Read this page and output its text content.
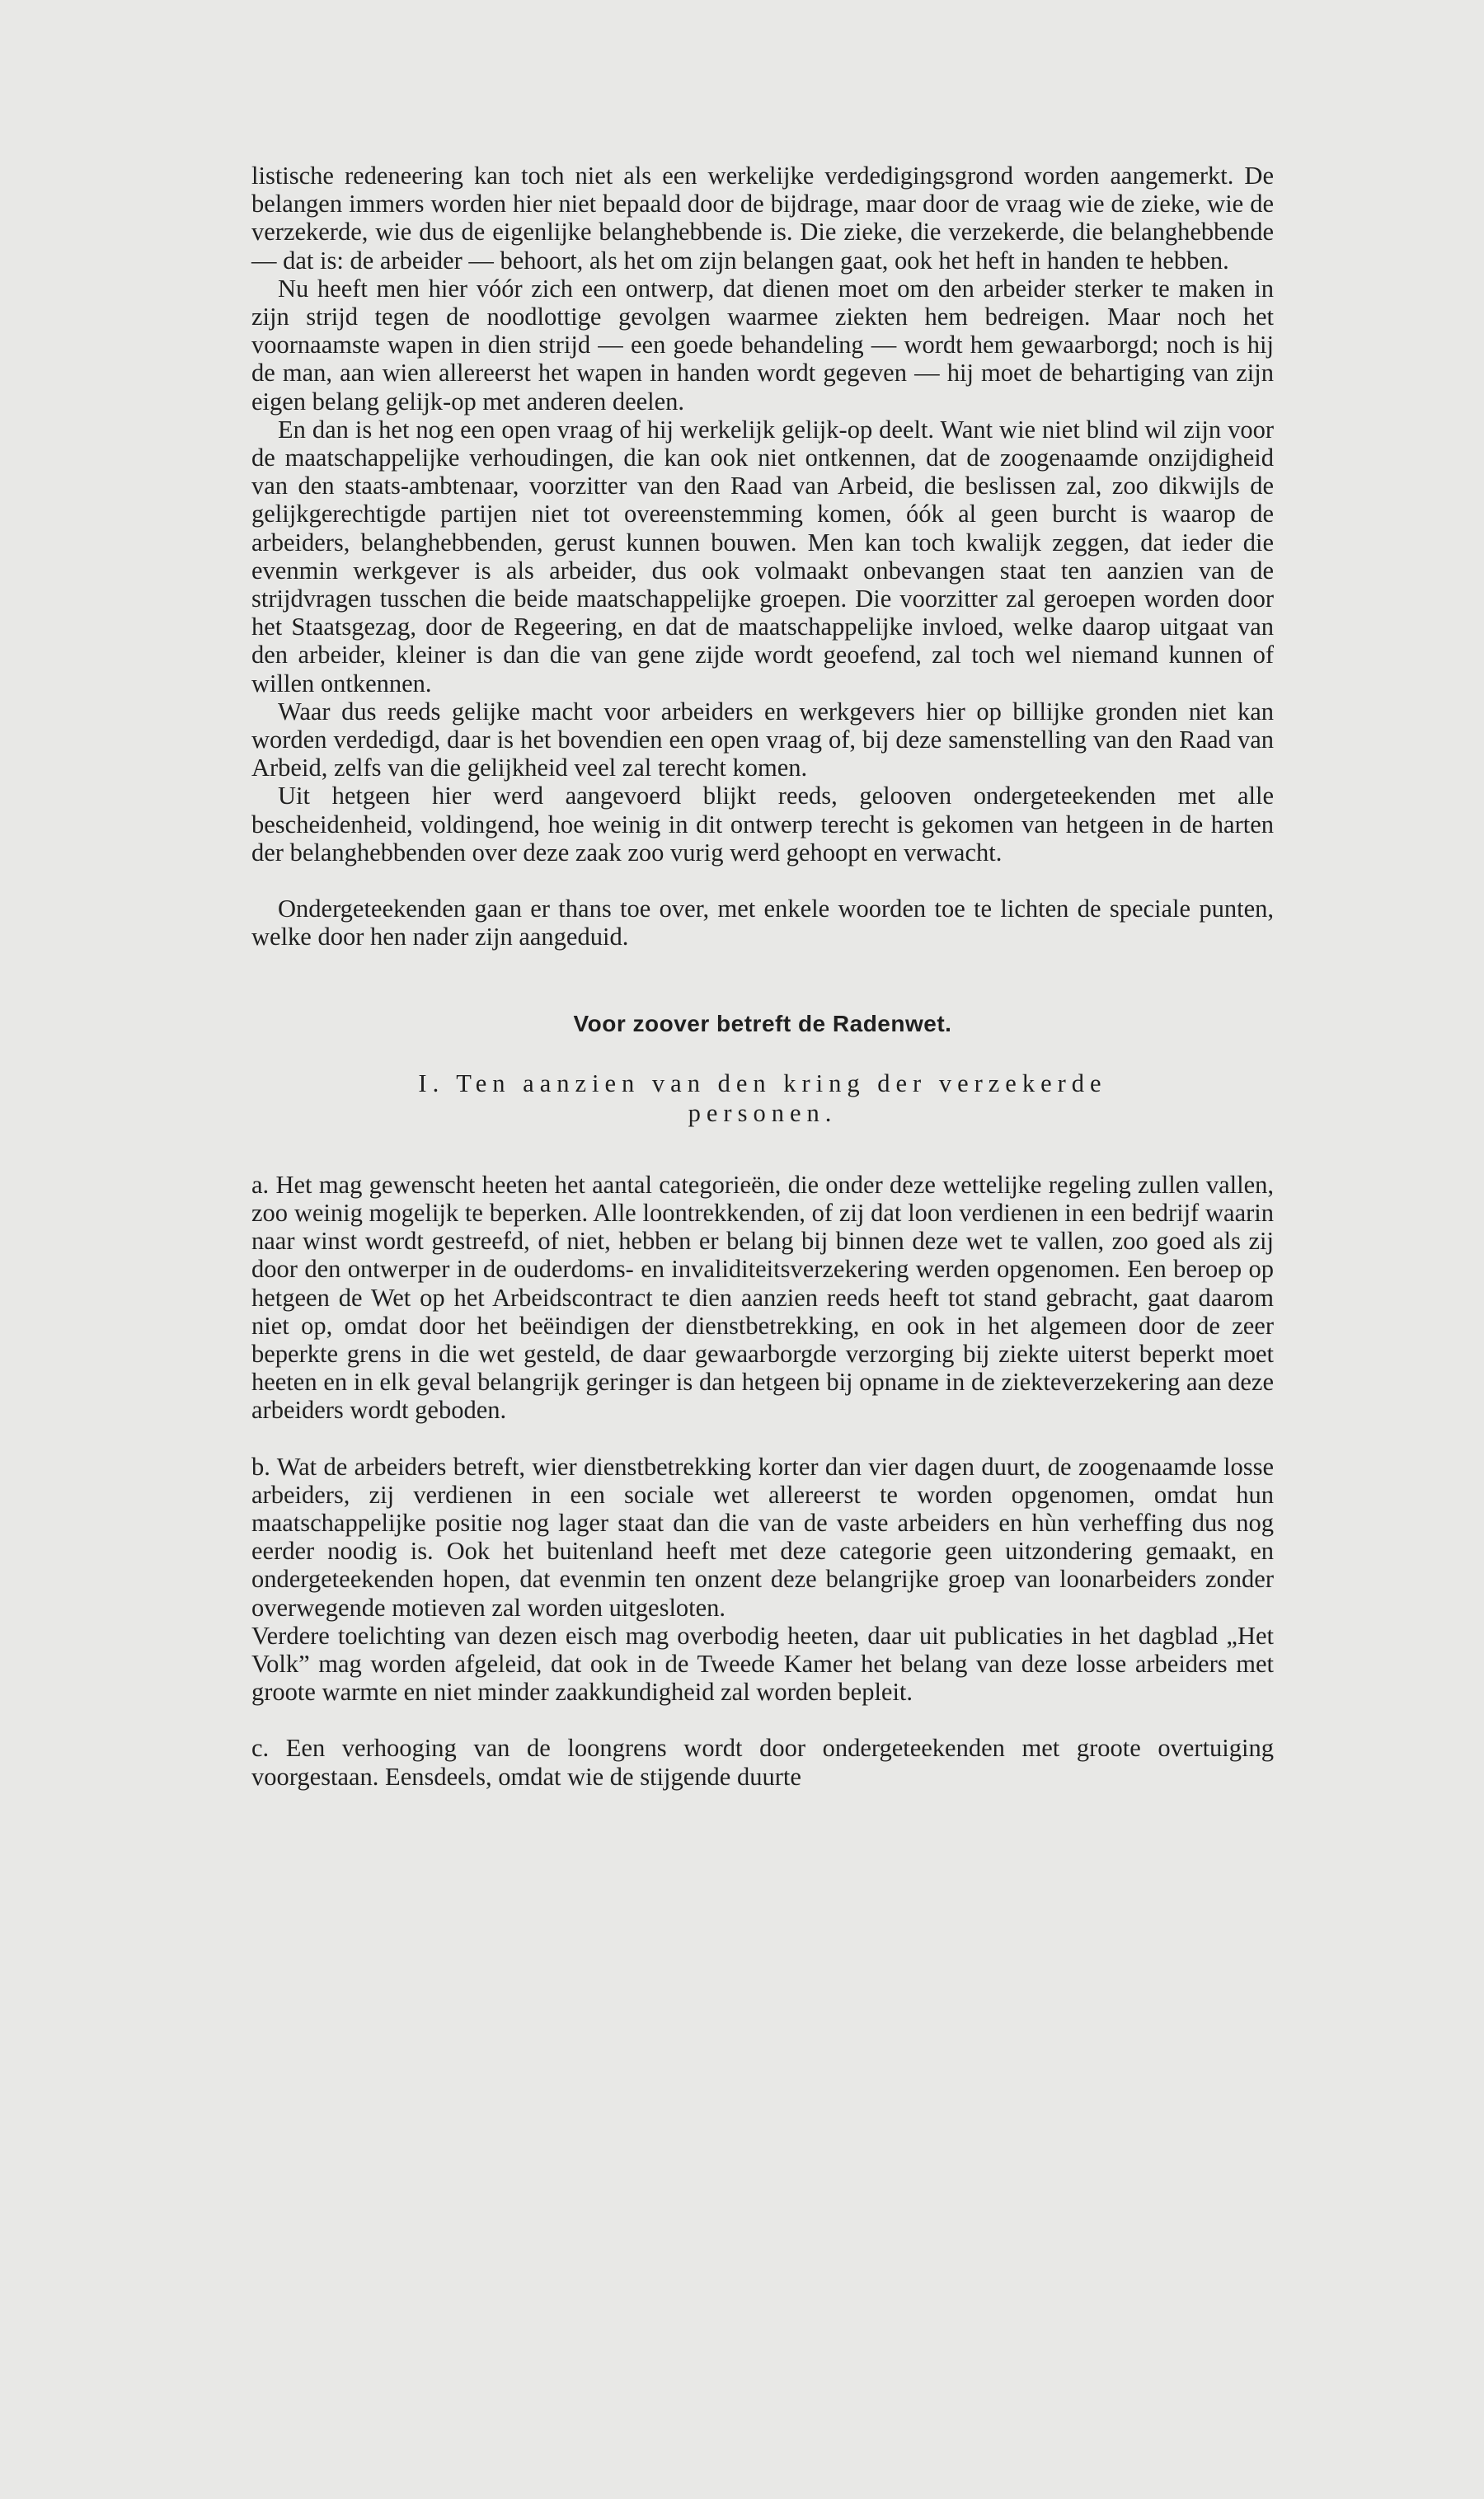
listische redeneering kan toch niet als een werkelijke verdedigingsgrond worden aangemerkt. De belangen immers worden hier niet bepaald door de bijdrage, maar door de vraag wie de zieke, wie de verzekerde, wie dus de eigenlijke belanghebbende is. Die zieke, die verzekerde, die belanghebbende — dat is: de arbeider — behoort, als het om zijn belangen gaat, ook het heft in handen te hebben.

Nu heeft men hier vóór zich een ontwerp, dat dienen moet om den arbeider sterker te maken in zijn strijd tegen de noodlottige gevolgen waarmee ziekten hem bedreigen. Maar noch het voornaamste wapen in dien strijd — een goede behandeling — wordt hem gewaarborgd; noch is hij de man, aan wien allereerst het wapen in handen wordt gegeven — hij moet de behartiging van zijn eigen belang gelijk-op met anderen deelen.

En dan is het nog een open vraag of hij werkelijk gelijk-op deelt. Want wie niet blind wil zijn voor de maatschappelijke verhoudingen, die kan ook niet ontkennen, dat de zoogenaamde onzijdigheid van den staats-ambtenaar, voorzitter van den Raad van Arbeid, die beslissen zal, zoo dikwijls de gelijkgerechtigde partijen niet tot overeenstemming komen, óók al geen burcht is waarop de arbeiders, belanghebbenden, gerust kunnen bouwen. Men kan toch kwalijk zeggen, dat ieder die evenmin werkgever is als arbeider, dus ook volmaakt onbevangen staat ten aanzien van de strijdvragen tusschen die beide maatschappelijke groepen. Die voorzitter zal geroepen worden door het Staatsgezag, door de Regeering, en dat de maatschappelijke invloed, welke daarop uitgaat van den arbeider, kleiner is dan die van gene zijde wordt geoefend, zal toch wel niemand kunnen of willen ontkennen.

Waar dus reeds gelijke macht voor arbeiders en werkgevers hier op billijke gronden niet kan worden verdedigd, daar is het bovendien een open vraag of, bij deze samenstelling van den Raad van Arbeid, zelfs van die gelijkheid veel zal terecht komen.

Uit hetgeen hier werd aangevoerd blijkt reeds, gelooven ondergeteekenden met alle bescheidenheid, voldingend, hoe weinig in dit ontwerp terecht is gekomen van hetgeen in de harten der belanghebbenden over deze zaak zoo vurig werd gehoopt en verwacht.

Ondergeteekenden gaan er thans toe over, met enkele woorden toe te lichten de speciale punten, welke door hen nader zijn aangeduid.

Voor zoover betreft de Radenwet.
I. Ten aanzien van den kring der verzekerde personen.

a. Het mag gewenscht heeten het aantal categorieën, die onder deze wettelijke regeling zullen vallen, zoo weinig mogelijk te beperken. Alle loontrekkenden, of zij dat loon verdienen in een bedrijf waarin naar winst wordt gestreefd, of niet, hebben er belang bij binnen deze wet te vallen, zoo goed als zij door den ontwerper in de ouderdoms- en invaliditeitsverzekering werden opgenomen. Een beroep op hetgeen de Wet op het Arbeidscontract te dien aanzien reeds heeft tot stand gebracht, gaat daarom niet op, omdat door het beëindigen der dienstbetrekking, en ook in het algemeen door de zeer beperkte grens in die wet gesteld, de daar gewaarborgde verzorging bij ziekte uiterst beperkt moet heeten en in elk geval belangrijk geringer is dan hetgeen bij opname in de ziekteverzekering aan deze arbeiders wordt geboden.

b. Wat de arbeiders betreft, wier dienstbetrekking korter dan vier dagen duurt, de zoogenaamde losse arbeiders, zij verdienen in een sociale wet allereerst te worden opgenomen, omdat hun maatschappelijke positie nog lager staat dan die van de vaste arbeiders en hùn verheffing dus nog eerder noodig is. Ook het buitenland heeft met deze categorie geen uitzondering gemaakt, en ondergeteekenden hopen, dat evenmin ten onzent deze belangrijke groep van loonarbeiders zonder overwegende motieven zal worden uitgesloten.

Verdere toelichting van dezen eisch mag overbodig heeten, daar uit publicaties in het dagblad „Het Volk” mag worden afgeleid, dat ook in de Tweede Kamer het belang van deze losse arbeiders met groote warmte en niet minder zaakkundigheid zal worden bepleit.

c. Een verhooging van de loongrens wordt door ondergeteekenden met groote overtuiging voorgestaan. Eensdeels, omdat wie de stijgende duurte
